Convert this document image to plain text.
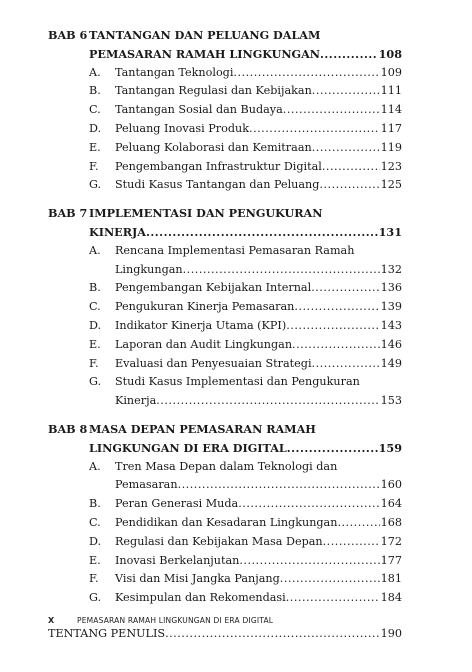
BAB 6 TANTANGAN DAN PELUANG DALAM
PEMASARAN RAMAH LINGKUNGAN .....	108
A.	Tantangan Teknologi .....	109
B.	Tantangan Regulasi dan Kebijakan .....	111
C.	Tantangan Sosial dan Budaya .....	114
D.	Peluang Inovasi Produk .....	117
E.	Peluang Kolaborasi dan Kemitraan .....	119
F.	Pengembangan Infrastruktur Digital .....	123
G.	Studi Kasus Tantangan dan Peluang .....	125
BAB 7 IMPLEMENTASI DAN PENGUKURAN
KINERJA .....	131
A.	Rencana Implementasi Pemasaran Ramah
Lingkungan .....	132
B.	Pengembangan Kebijakan Internal .....	136
C.	Pengukuran Kinerja Pemasaran .....	139
D.	Indikator Kinerja Utama (KPI) .....	143
E.	Laporan dan Audit Lingkungan .....	146
F.	Evaluasi dan Penyesuaian Strategi .....	149
G.	Studi Kasus Implementasi dan Pengukuran
Kinerja .....	153
BAB 8 MASA DEPAN PEMASARAN RAMAH
LINGKUNGAN DI ERA DIGITAL .....	159
A.	Tren Masa Depan dalam Teknologi dan
Pemasaran .....	160
B.	Peran Generasi Muda .....	164
C.	Pendidikan dan Kesadaran Lingkungan .....	168
D.	Regulasi dan Kebijakan Masa Depan .....	172
E.	Inovasi Berkelanjutan .....	177
F.	Visi dan Misi Jangka Panjang .....	181
G.	Kesimpulan dan Rekomendasi .....	184
TENTANG PENULIS .....	190
X	PEMASARAN RAMAH LINGKUNGAN DI ERA DIGITAL
